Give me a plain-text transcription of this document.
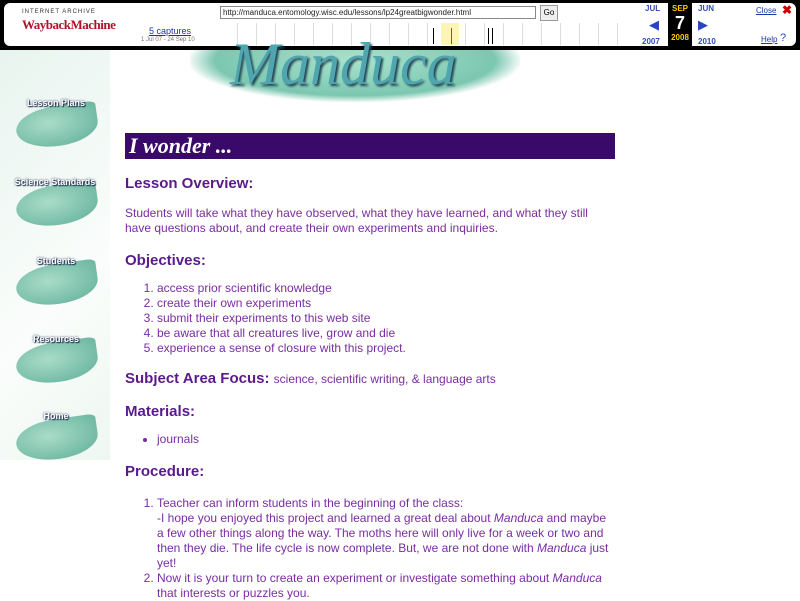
INTERNET ARCHIVE
WaybackMachine	5 captures
1 Jul 07 - 24 Sep 10
http://manduca.entomology.wisc.edu/lessons/lp24greatbigwonder.html
Go	JUL
◀
2007
SEP
7
2008
JUN
▶
2010
Close ✖
Help ?
Manduca
Lesson Plans
Science Standards
Students
Resources
Home
I wonder ...
Lesson Overview:

Students will take what they have observed, what they have learned, and what they still have questions about, and create their own experiments and inquiries.

Objectives:
1. access prior scientific knowledge
2. create their own experiments
3. submit their experiments to this web site
4. be aware that all creatures live, grow and die
5. experience a sense of closure with this project.
Subject Area Focus: science, scientific writing, & language arts
Materials:
• journals
Procedure:
1. Teacher can inform students in the beginning of the class:
-I hope you enjoyed this project and learned a great deal about Manduca and maybe a few other things along the way. The moths here will only live for a week or two and then they die. The life cycle is now complete. But, we are not done with Manduca just yet!
2. Now it is your turn to create an experiment or investigate something about Manduca that interests or puzzles you.
